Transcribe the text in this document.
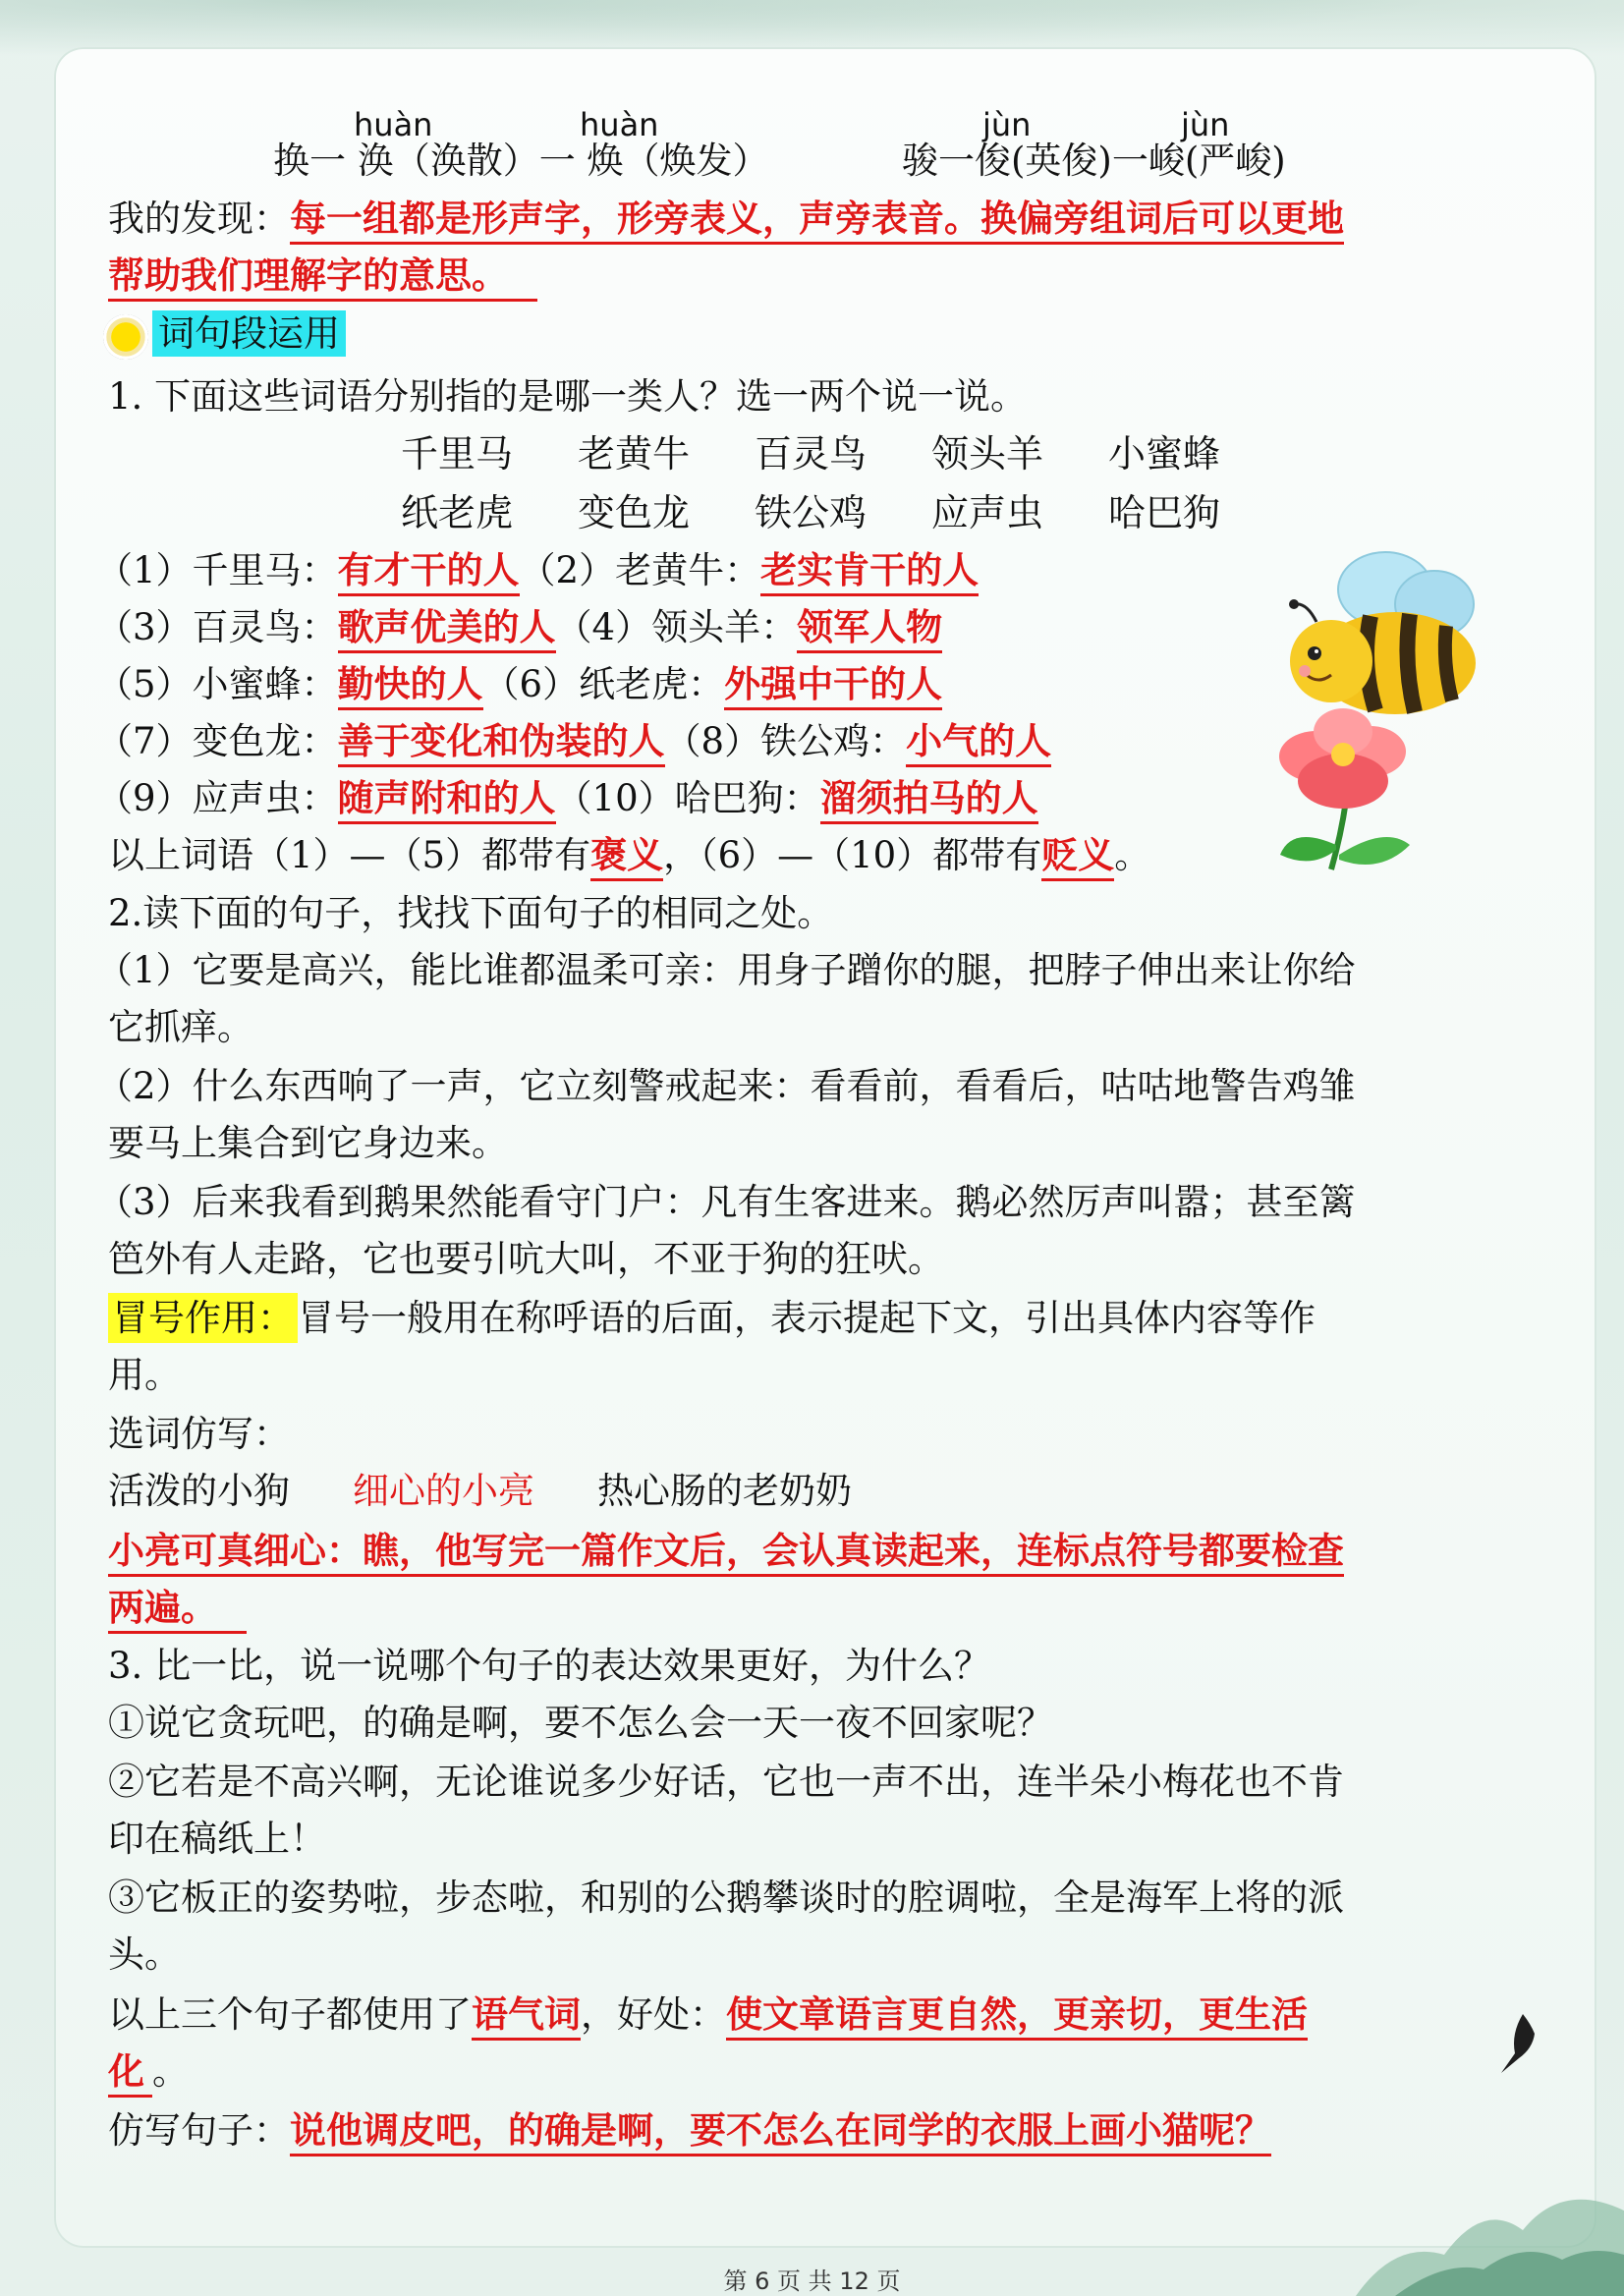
huàn	huàn	jùn	jùn
换一 涣（涣散）一 焕（焕发）	骏一俊(英俊)一峻(严峻)
我的发现：每一组都是形声字，形旁表义，声旁表音。换偏旁组词后可以更地
帮助我们理解字的意思。
词句段运用
1. 下面这些词语分别指的是哪一类人？选一两个说一说。
千里马 老黄牛 百灵鸟 领头羊 小蜜蜂
纸老虎 变色龙 铁公鸡 应声虫 哈巴狗
（1）千里马：有才干的人（2）老黄牛：老实肯干的人
（3）百灵鸟：歌声优美的人（4）领头羊：领军人物
（5）小蜜蜂：勤快的人（6）纸老虎：外强中干的人
（7）变色龙：善于变化和伪装的人（8）铁公鸡：小气的人
（9）应声虫：随声附和的人（10）哈巴狗：溜须拍马的人
以上词语（1）—（5）都带有褒义，（6）—（10）都带有贬义。
2.读下面的句子，找找下面句子的相同之处。
（1）它要是高兴，能比谁都温柔可亲：用身子蹭你的腿，把脖子伸出来让你给
它抓痒。
（2）什么东西响了一声，它立刻警戒起来：看看前，看看后，咕咕地警告鸡雏
要马上集合到它身边来。
（3）后来我看到鹅果然能看守门户：凡有生客进来。鹅必然厉声叫嚣；甚至篱
笆外有人走路，它也要引吭大叫，不亚于狗的狂吠。
冒号作用： 冒号一般用在称呼语的后面，表示提起下文，引出具体内容等作
用。
选词仿写：
活泼的小狗 细心的小亮 热心肠的老奶奶
小亮可真细心：瞧，他写完一篇作文后，会认真读起来，连标点符号都要检查
两遍。
3. 比一比，说一说哪个句子的表达效果更好，为什么？
①说它贪玩吧，的确是啊，要不怎么会一天一夜不回家呢？
②它若是不高兴啊，无论谁说多少好话，它也一声不出，连半朵小梅花也不肯
印在稿纸上！
③它板正的姿势啦，步态啦，和别的公鹅攀谈时的腔调啦，全是海军上将的派
头。
以上三个句子都使用了语气词，好处：使文章语言更自然，更亲切，更生活
化 。
仿写句子：说他调皮吧，的确是啊，要不怎么在同学的衣服上画小猫呢？
第 6 页 共 12 页
